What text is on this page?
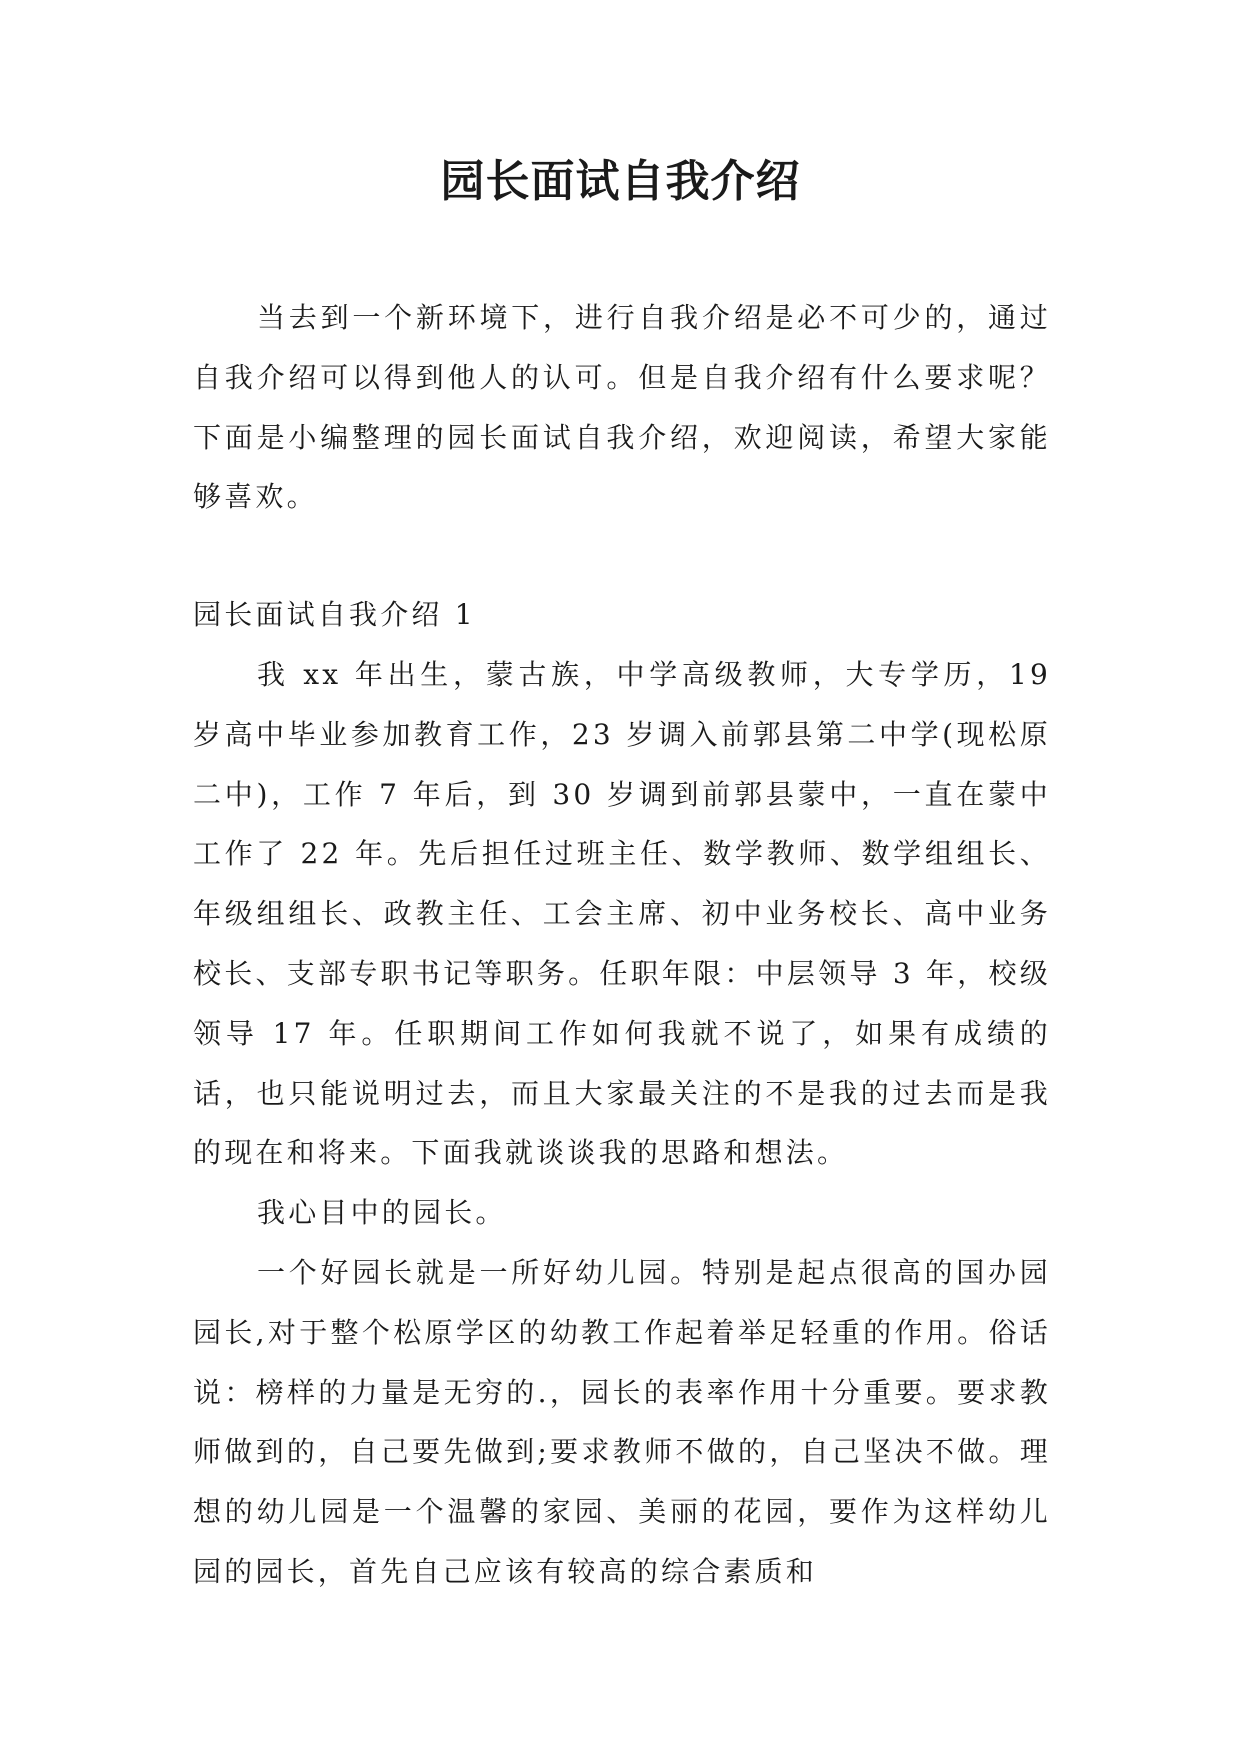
园长面试自我介绍

当去到一个新环境下，进行自我介绍是必不可少的，通过自我介绍可以得到他人的认可。但是自我介绍有什么要求呢？下面是小编整理的园长面试自我介绍，欢迎阅读，希望大家能够喜欢。

园长面试自我介绍 1

我 xx 年出生，蒙古族，中学高级教师，大专学历，19 岁高中毕业参加教育工作，23 岁调入前郭县第二中学(现松原二中)，工作 7 年后，到 30 岁调到前郭县蒙中，一直在蒙中工作了 22 年。先后担任过班主任、数学教师、数学组组长、年级组组长、政教主任、工会主席、初中业务校长、高中业务校长、支部专职书记等职务。任职年限：中层领导 3 年，校级领导 17 年。任职期间工作如何我就不说了，如果有成绩的话，也只能说明过去，而且大家最关注的不是我的过去而是我的现在和将来。下面我就谈谈我的思路和想法。

我心目中的园长。

一个好园长就是一所好幼儿园。特别是起点很高的国办园园长,对于整个松原学区的幼教工作起着举足轻重的作用。俗话说：榜样的力量是无穷的.，园长的表率作用十分重要。要求教师做到的，自己要先做到;要求教师不做的，自己坚决不做。理想的幼儿园是一个温馨的家园、美丽的花园，要作为这样幼儿园的园长，首先自己应该有较高的综合素质和
